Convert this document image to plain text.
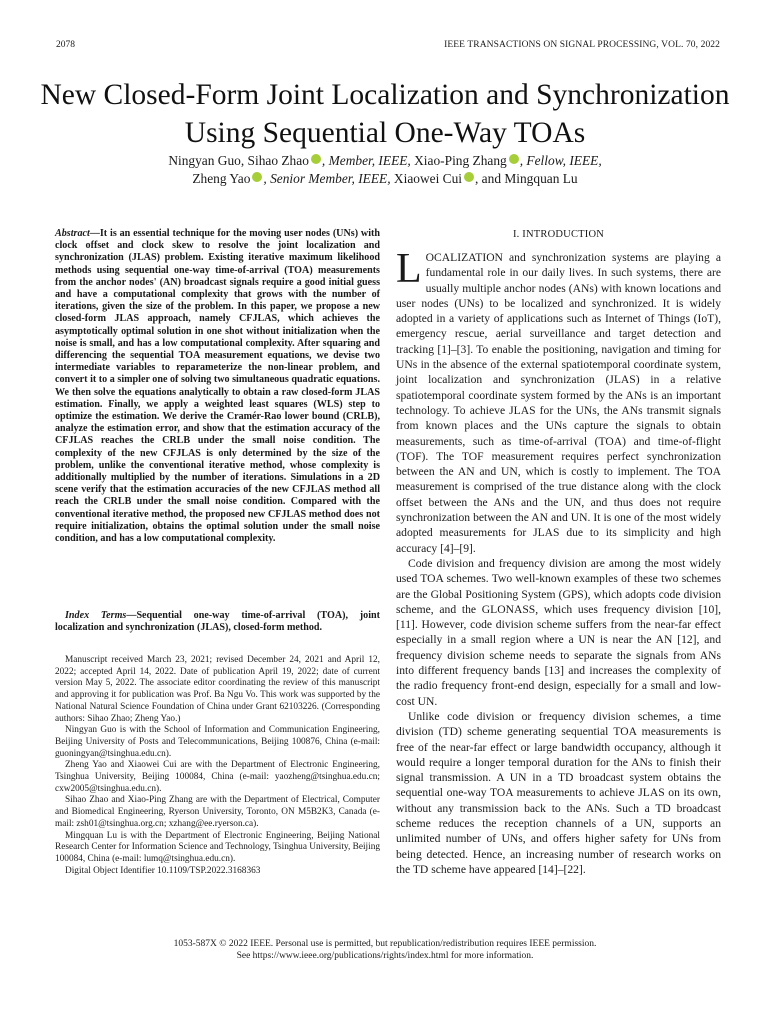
2078	IEEE TRANSACTIONS ON SIGNAL PROCESSING, VOL. 70, 2022
New Closed-Form Joint Localization and Synchronization Using Sequential One-Way TOAs
Ningyan Guo, Sihao Zhao , Member, IEEE, Xiao-Ping Zhang , Fellow, IEEE,
Zheng Yao , Senior Member, IEEE, Xiaowei Cui , and Mingquan Lu
Abstract—It is an essential technique for the moving user nodes (UNs) with clock offset and clock skew to resolve the joint localization and synchronization (JLAS) problem. Existing iterative maximum likelihood methods using sequential one-way time-of-arrival (TOA) measurements from the anchor nodes' (AN) broadcast signals require a good initial guess and have a computational complexity that grows with the number of iterations, given the size of the problem. In this paper, we propose a new closed-form JLAS approach, namely CFJLAS, which achieves the asymptotically optimal solution in one shot without initialization when the noise is small, and has a low computational complexity. After squaring and differencing the sequential TOA measurement equations, we devise two intermediate variables to reparameterize the non-linear problem, and convert it to a simpler one of solving two simultaneous quadratic equations. We then solve the equations analytically to obtain a raw closed-form JLAS estimation. Finally, we apply a weighted least squares (WLS) step to optimize the estimation. We derive the Cramér-Rao lower bound (CRLB), analyze the estimation error, and show that the estimation accuracy of the CFJLAS reaches the CRLB under the small noise condition. The complexity of the new CFJLAS is only determined by the size of the problem, unlike the conventional iterative method, whose complexity is additionally multiplied by the number of iterations. Simulations in a 2D scene verify that the estimation accuracies of the new CFJLAS method all reach the CRLB under the small noise condition. Compared with the conventional iterative method, the proposed new CFJLAS method does not require initialization, obtains the optimal solution under the small noise condition, and has a low computational complexity.
Index Terms—Sequential one-way time-of-arrival (TOA), joint localization and synchronization (JLAS), closed-form method.

Manuscript received March 23, 2021; revised December 24, 2021 and April 12, 2022; accepted April 14, 2022. Date of publication April 19, 2022; date of current version May 5, 2022. The associate editor coordinating the review of this manuscript and approving it for publication was Prof. Ba Ngu Vo. This work was supported by the National Natural Science Foundation of China under Grant 62103226. (Corresponding authors: Sihao Zhao; Zheng Yao.)

Ningyan Guo is with the School of Information and Communication Engineering, Beijing University of Posts and Telecommunications, Beijing 100876, China (e-mail: guoningyan@tsinghua.edu.cn).

Zheng Yao and Xiaowei Cui are with the Department of Electronic Engineering, Tsinghua University, Beijing 100084, China (e-mail: yaozheng@tsinghua.edu.cn; cxw2005@tsinghua.edu.cn).

Sihao Zhao and Xiao-Ping Zhang are with the Department of Electrical, Computer and Biomedical Engineering, Ryerson University, Toronto, ON M5B2K3, Canada (e-mail: zsh01@tsinghua.org.cn; xzhang@ee.ryerson.ca).

Mingquan Lu is with the Department of Electronic Engineering, Beijing National Research Center for Information Science and Technology, Tsinghua University, Beijing 100084, China (e-mail: lumq@tsinghua.edu.cn).

Digital Object Identifier 10.1109/TSP.2022.3168363

I. INTRODUCTION

LOCALIZATION and synchronization systems are playing a fundamental role in our daily lives. In such systems, there are usually multiple anchor nodes (ANs) with known locations and user nodes (UNs) to be localized and synchronized. It is widely adopted in a variety of applications such as Internet of Things (IoT), emergency rescue, aerial surveillance and target detection and tracking [1]–[3]. To enable the positioning, navigation and timing for UNs in the absence of the external spatiotemporal coordinate system, joint localization and synchronization (JLAS) in a relative spatiotemporal coordinate system formed by the ANs is an important technology. To achieve JLAS for the UNs, the ANs transmit signals from known places and the UNs capture the signals to obtain measurements, such as time-of-arrival (TOA) and time-of-flight (TOF). The TOF measurement requires perfect synchronization between the AN and UN, which is costly to implement. The TOA measurement is comprised of the true distance along with the clock offset between the ANs and the UN, and thus does not require synchronization between the AN and UN. It is one of the most widely adopted measurements for JLAS due to its simplicity and high accuracy [4]–[9].

Code division and frequency division are among the most widely used TOA schemes. Two well-known examples of these two schemes are the Global Positioning System (GPS), which adopts code division scheme, and the GLONASS, which uses frequency division [10], [11]. However, code division scheme suffers from the near-far effect especially in a small region where a UN is near the AN [12], and frequency division scheme needs to separate the signals from ANs into different frequency bands [13] and increases the complexity of the radio frequency front-end design, especially for a small and low-cost UN.

Unlike code division or frequency division schemes, a time division (TD) scheme generating sequential TOA measurements is free of the near-far effect or large bandwidth occupancy, although it would require a longer temporal duration for the ANs to finish their signal transmission. A UN in a TD broadcast system obtains the sequential one-way TOA measurements to achieve JLAS on its own, without any transmission back to the ANs. Such a TD broadcast scheme reduces the reception channels of a UN, supports an unlimited number of UNs, and offers higher safety for UNs from being detected. Hence, an increasing number of research works on the TD scheme have appeared [14]–[22].

1053-587X © 2022 IEEE. Personal use is permitted, but republication/redistribution requires IEEE permission.
See https://www.ieee.org/publications/rights/index.html for more information.
